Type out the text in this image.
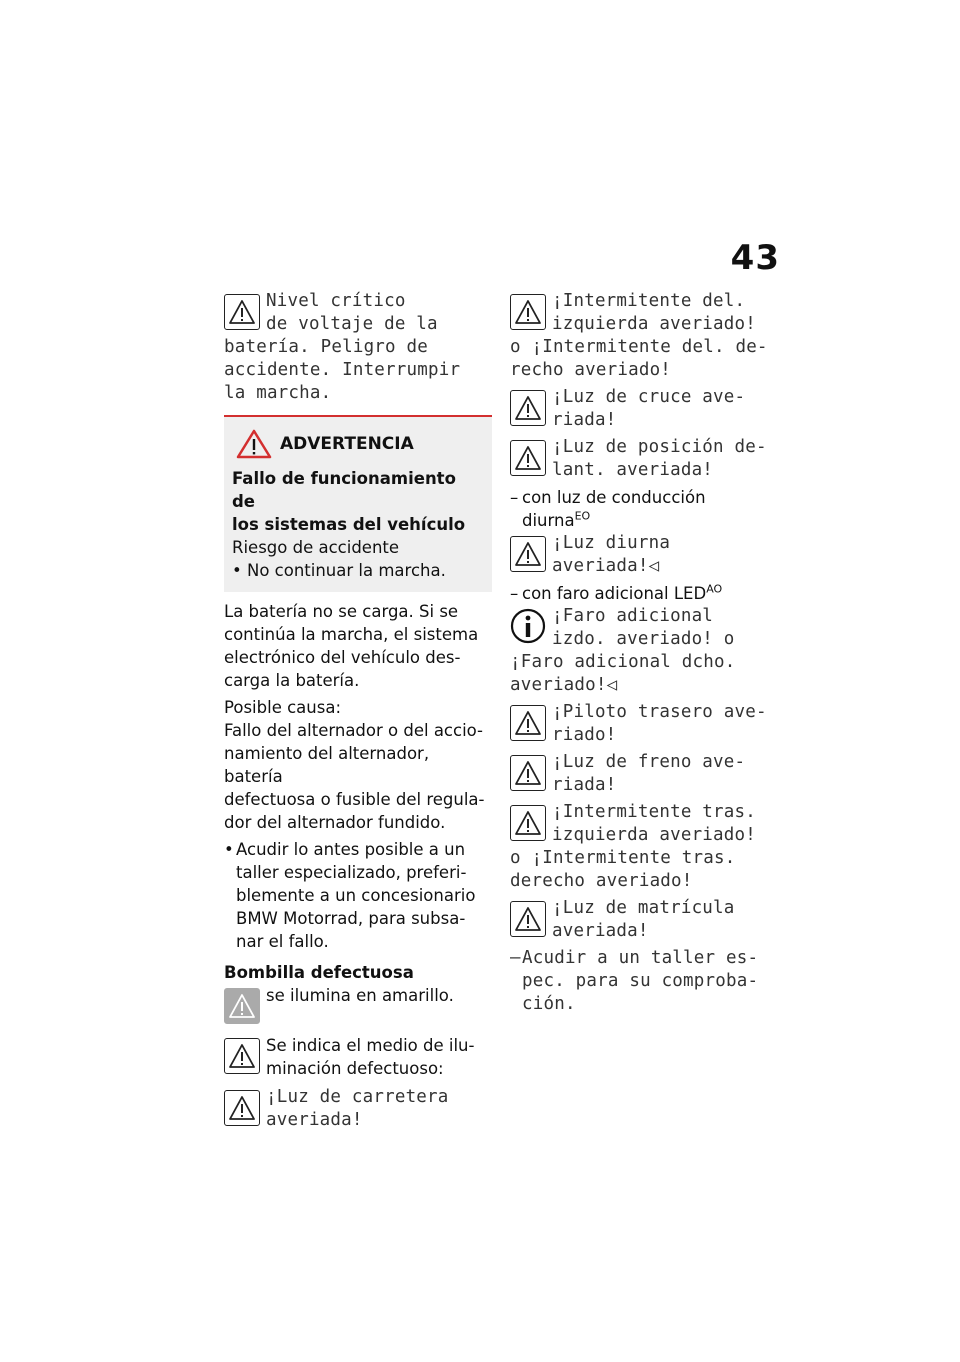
43
Nivel crítico
de voltaje de la
batería. Peligro de
accidente. Interrumpir
la marcha.
ADVERTENCIA
Fallo de funcionamiento de
los sistemas del vehículo
Riesgo de accidente
• No continuar la marcha.
La batería no se carga. Si se
continúa la marcha, el sistema
electrónico del vehículo des-
carga la batería.
Posible causa:
Fallo del alternador o del accio-
namiento del alternador, batería
defectuosa o fusible del regula-
dor del alternador fundido.
• Acudir lo antes posible a un
taller especializado, preferi-
blemente a un concesionario
BMW Motorrad, para subsa-
nar el fallo.
Bombilla defectuosa
se ilumina en amarillo.
Se indica el medio de ilu-
minación defectuoso:
¡Luz de carretera
averiada!
¡Intermitente del.
izquierda averiado!
o ¡Intermitente del. de-
recho averiado!
¡Luz de cruce ave-
riada!
¡Luz de posición de-
lant. averiada!
– con luz de conducción
diurna$^{EO}$
¡Luz diurna
averiada!◁
– con faro adicional $LED^{AO}$
¡Faro adicional
izdo. averiado! o
¡Faro adicional dcho.
averiado!◁
¡Piloto trasero ave-
riado!
¡Luz de freno ave-
riada!
¡Intermitente tras.
izquierda averiado!
o ¡Intermitente tras.
derecho averiado!
¡Luz de matrícula
averiada!
– Acudir a un taller es-
pec. para su comproba-
ción.
